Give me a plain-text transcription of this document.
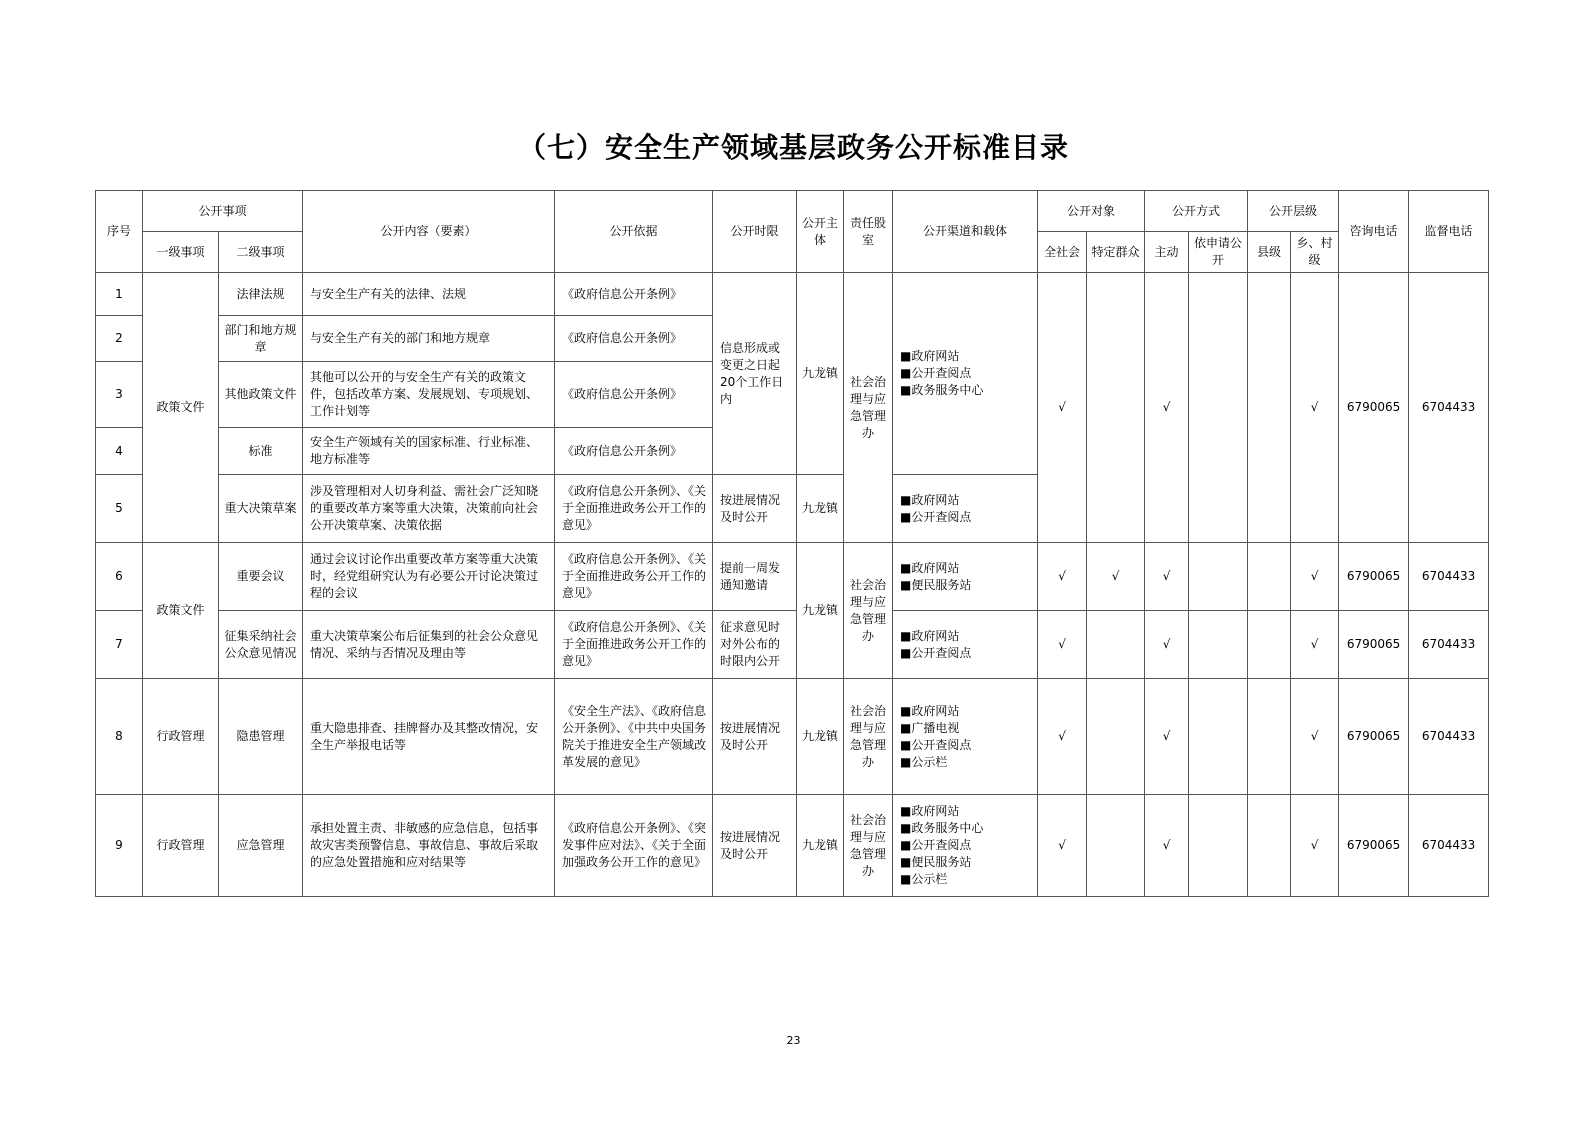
（七）安全生产领域基层政务公开标准目录
序号	公开事项		公开内容（要素）	公开依据	公开时限	公开主体	责任股室	公开渠道和载体	公开对象		公开方式		公开层级		咨询电话	监督电话
	一级事项	二级事项							全社会	特定群众	主动	依申请公开	县级	乡、村级		
1	政策文件	法律法规	与安全生产有关的法律、法规	《政府信息公开条例》	信息形成或变更之日起20个工作日内	九龙镇	社会治理与应急管理办	■政府网站
■公开查阅点
■政务服务中心	√		√			√	6790065	6704433
2		部门和地方规章	与安全生产有关的部门和地方规章	《政府信息公开条例》												
3		其他政策文件	其他可以公开的与安全生产有关的政策文件，包括改革方案、发展规划、专项规划、工作计划等	《政府信息公开条例》												
4		标准	安全生产领域有关的国家标准、行业标准、地方标准等	《政府信息公开条例》												
5		重大决策草案	涉及管理相对人切身利益、需社会广泛知晓的重要改革方案等重大决策，决策前向社会公开决策草案、决策依据	《政府信息公开条例》、《关于全面推进政务公开工作的意见》	按进展情况及时公开	九龙镇		■政府网站
■公开查阅点								

6	政策文件	重要会议	通过会议讨论作出重要改革方案等重大决策时，经党组研究认为有必要公开讨论决策过程的会议	《政府信息公开条例》、《关于全面推进政务公开工作的意见》	提前一周发通知邀请	九龙镇	社会治理与应急管理办	■政府网站
■便民服务站	√	√	√			√	6790065	6704433
7		征集采纳社会公众意见情况	重大决策草案公布后征集到的社会公众意见情况、采纳与否情况及理由等	《政府信息公开条例》、《关于全面推进政务公开工作的意见》	征求意见时对外公布的时限内公开			■政府网站
■公开查阅点	√		√			√	6790065	6704433
8	行政管理	隐患管理	重大隐患排查、挂牌督办及其整改情况，安全生产举报电话等	《安全生产法》、《政府信息公开条例》、《中共中央国务院关于推进安全生产领域改革发展的意见》	按进展情况及时公开	九龙镇	社会治理与应急管理办	■政府网站
■广播电视
■公开查阅点
■公示栏	√		√			√	6790065	6704433
9	行政管理	应急管理	承担处置主责、非敏感的应急信息，包括事故灾害类预警信息、事故信息、事故后采取的应急处置措施和应对结果等	《政府信息公开条例》、《突发事件应对法》、《关于全面加强政务公开工作的意见》	按进展情况及时公开	九龙镇	社会治理与应急管理办	■政府网站
■政务服务中心
■公开查阅点
■便民服务站
■公示栏	√		√			√	6790065	6704433
23
